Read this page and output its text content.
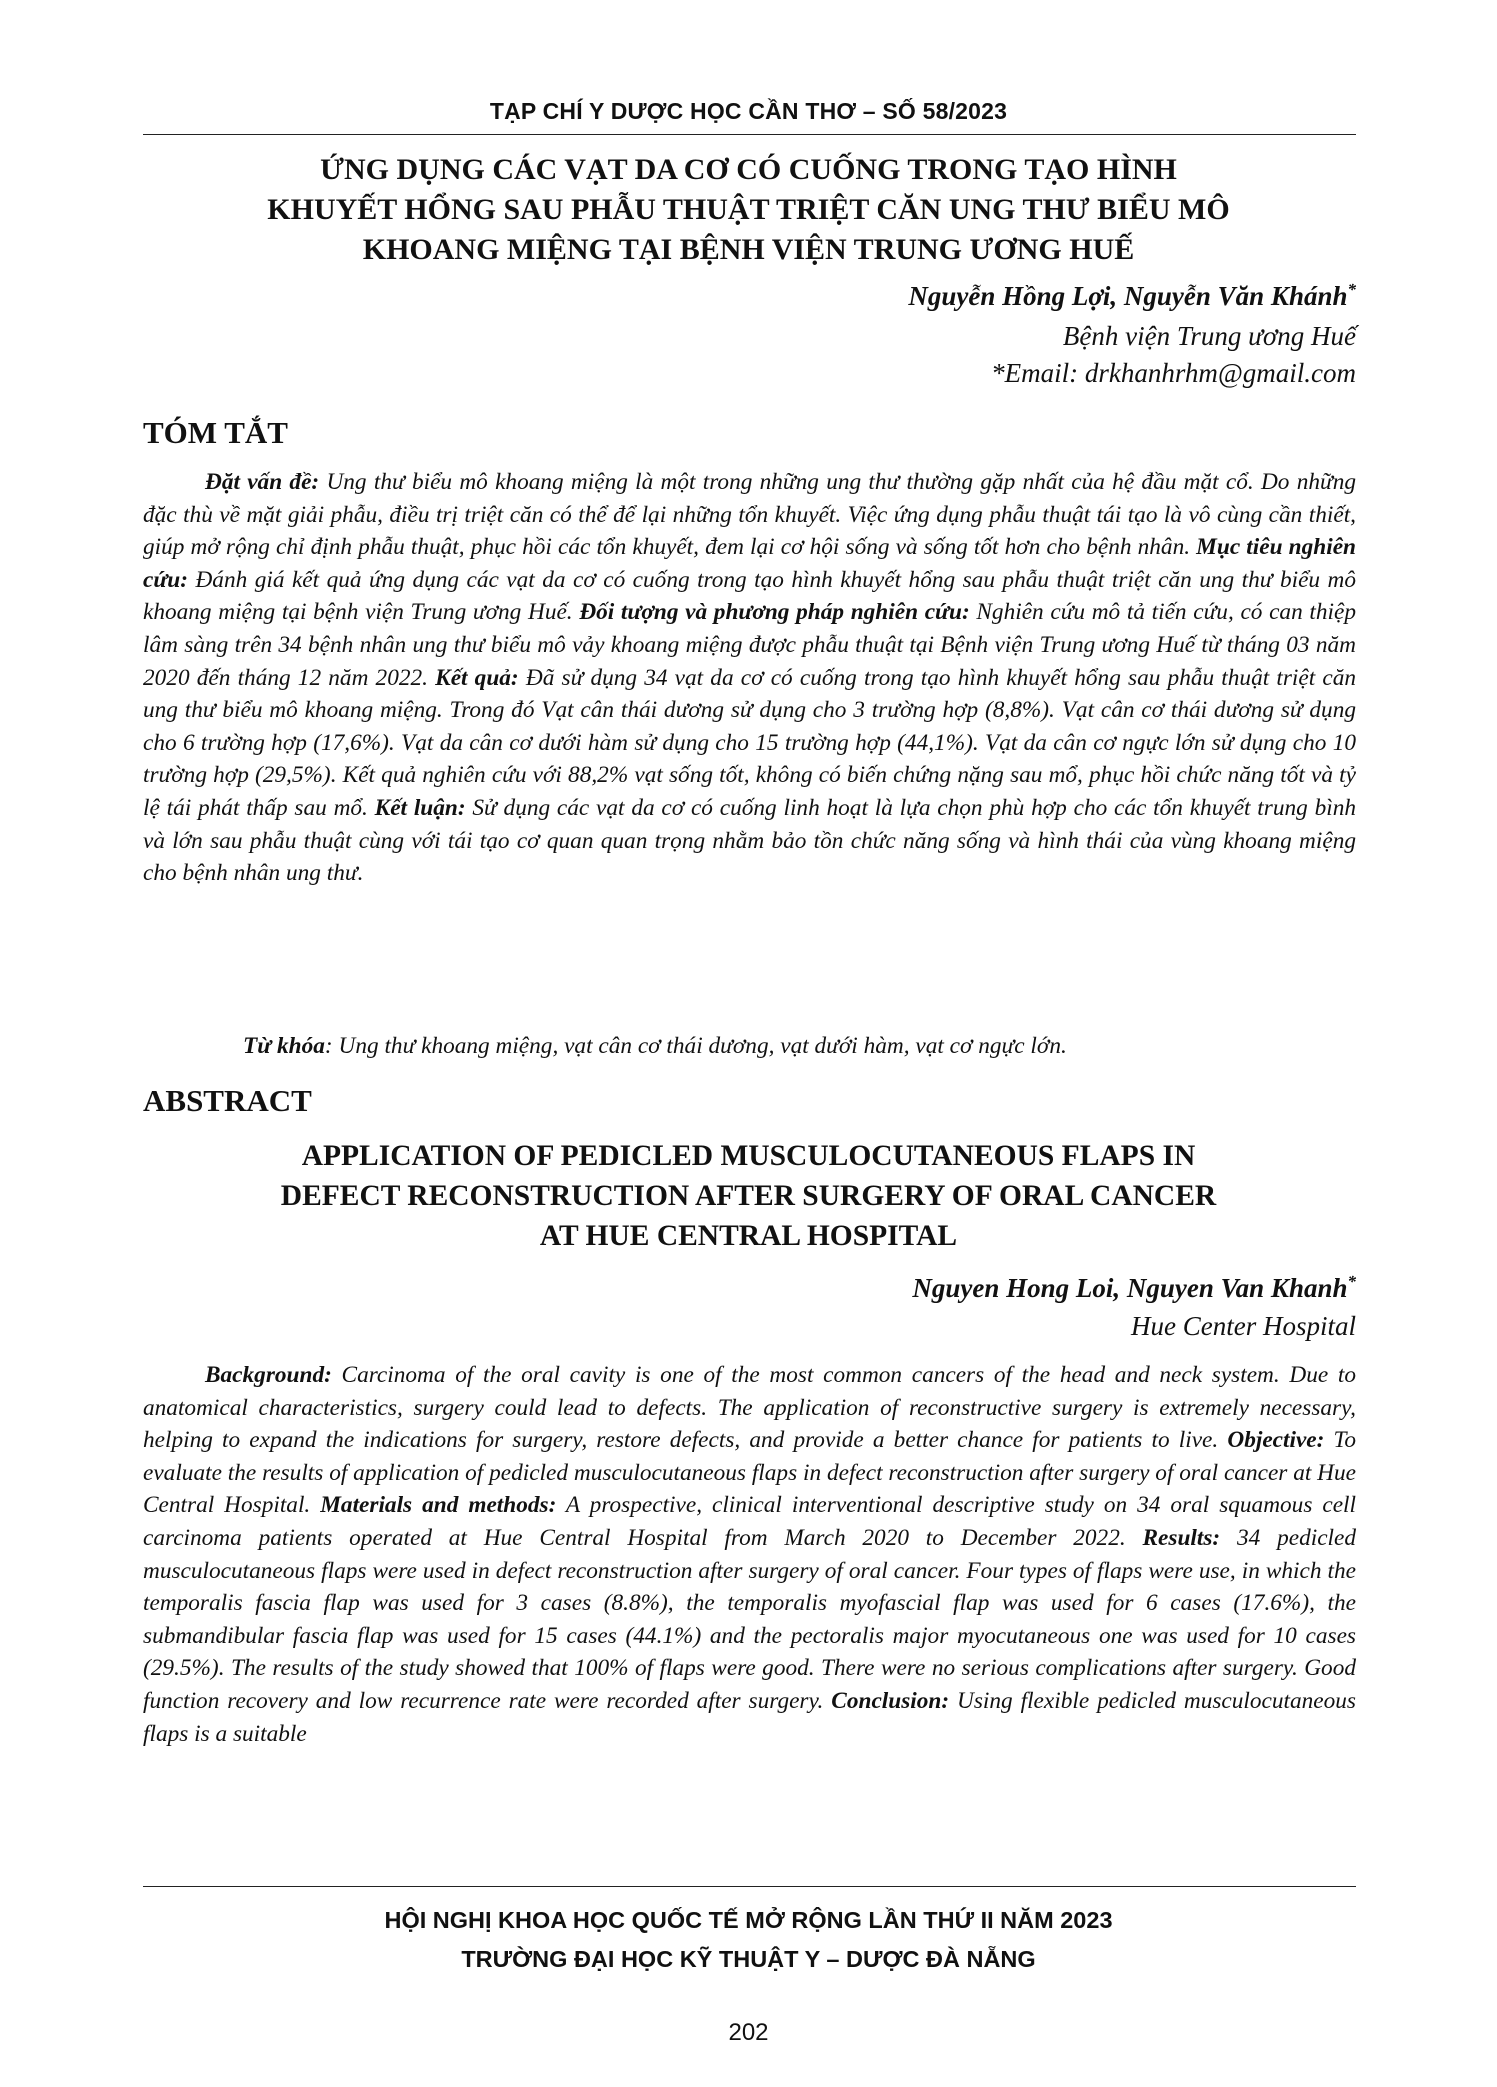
TẠP CHÍ Y DƯỢC HỌC CẦN THƠ – SỐ 58/2023
ỨNG DỤNG CÁC VẠT DA CƠ CÓ CUỐNG TRONG TẠO HÌNH
KHUYẾT HỔNG SAU PHẪU THUẬT TRIỆT CĂN UNG THƯ BIỂU MÔ
KHOANG MIỆNG TẠI BỆNH VIỆN TRUNG ƯƠNG HUẾ
Nguyễn Hồng Lợi, Nguyễn Văn Khánh*
Bệnh viện Trung ương Huế
*Email: drkhanhrhm@gmail.com
TÓM TẮT
Đặt vấn đề: Ung thư biểu mô khoang miệng là một trong những ung thư thường gặp nhất của hệ đầu mặt cổ. Do những đặc thù về mặt giải phẫu, điều trị triệt căn có thể để lại những tổn khuyết. Việc ứng dụng phẫu thuật tái tạo là vô cùng cần thiết, giúp mở rộng chỉ định phẫu thuật, phục hồi các tổn khuyết, đem lại cơ hội sống và sống tốt hơn cho bệnh nhân. Mục tiêu nghiên cứu: Đánh giá kết quả ứng dụng các vạt da cơ có cuống trong tạo hình khuyết hổng sau phẫu thuật triệt căn ung thư biểu mô khoang miệng tại bệnh viện Trung ương Huế. Đối tượng và phương pháp nghiên cứu: Nghiên cứu mô tả tiến cứu, có can thiệp lâm sàng trên 34 bệnh nhân ung thư biểu mô vảy khoang miệng được phẫu thuật tại Bệnh viện Trung ương Huế từ tháng 03 năm 2020 đến tháng 12 năm 2022. Kết quả: Đã sử dụng 34 vạt da cơ có cuống trong tạo hình khuyết hổng sau phẫu thuật triệt căn ung thư biểu mô khoang miệng. Trong đó Vạt cân thái dương sử dụng cho 3 trường hợp (8,8%). Vạt cân cơ thái dương sử dụng cho 6 trường hợp (17,6%). Vạt da cân cơ dưới hàm sử dụng cho 15 trường hợp (44,1%). Vạt da cân cơ ngực lớn sử dụng cho 10 trường hợp (29,5%). Kết quả nghiên cứu với 88,2% vạt sống tốt, không có biến chứng nặng sau mổ, phục hồi chức năng tốt và tỷ lệ tái phát thấp sau mổ. Kết luận: Sử dụng các vạt da cơ có cuống linh hoạt là lựa chọn phù hợp cho các tổn khuyết trung bình và lớn sau phẫu thuật cùng với tái tạo cơ quan quan trọng nhằm bảo tồn chức năng sống và hình thái của vùng khoang miệng cho bệnh nhân ung thư.
Từ khóa: Ung thư khoang miệng, vạt cân cơ thái dương, vạt dưới hàm, vạt cơ ngực lớn.
ABSTRACT
APPLICATION OF PEDICLED MUSCULOCUTANEOUS FLAPS IN
DEFECT RECONSTRUCTION AFTER SURGERY OF ORAL CANCER
AT HUE CENTRAL HOSPITAL
Nguyen Hong Loi, Nguyen Van Khanh*
Hue Center Hospital
Background: Carcinoma of the oral cavity is one of the most common cancers of the head and neck system. Due to anatomical characteristics, surgery could lead to defects. The application of reconstructive surgery is extremely necessary, helping to expand the indications for surgery, restore defects, and provide a better chance for patients to live. Objective: To evaluate the results of application of pedicled musculocutaneous flaps in defect reconstruction after surgery of oral cancer at Hue Central Hospital. Materials and methods: A prospective, clinical interventional descriptive study on 34 oral squamous cell carcinoma patients operated at Hue Central Hospital from March 2020 to December 2022. Results: 34 pedicled musculocutaneous flaps were used in defect reconstruction after surgery of oral cancer. Four types of flaps were use, in which the temporalis fascia flap was used for 3 cases (8.8%), the temporalis myofascial flap was used for 6 cases (17.6%), the submandibular fascia flap was used for 15 cases (44.1%) and the pectoralis major myocutaneous one was used for 10 cases (29.5%). The results of the study showed that 100% of flaps were good. There were no serious complications after surgery. Good function recovery and low recurrence rate were recorded after surgery. Conclusion: Using flexible pedicled musculocutaneous flaps is a suitable
HỘI NGHỊ KHOA HỌC QUỐC TẾ MỞ RỘNG LẦN THỨ II NĂM 2023
TRƯỜNG ĐẠI HỌC KỸ THUẬT Y – DƯỢC ĐÀ NẴNG
202
